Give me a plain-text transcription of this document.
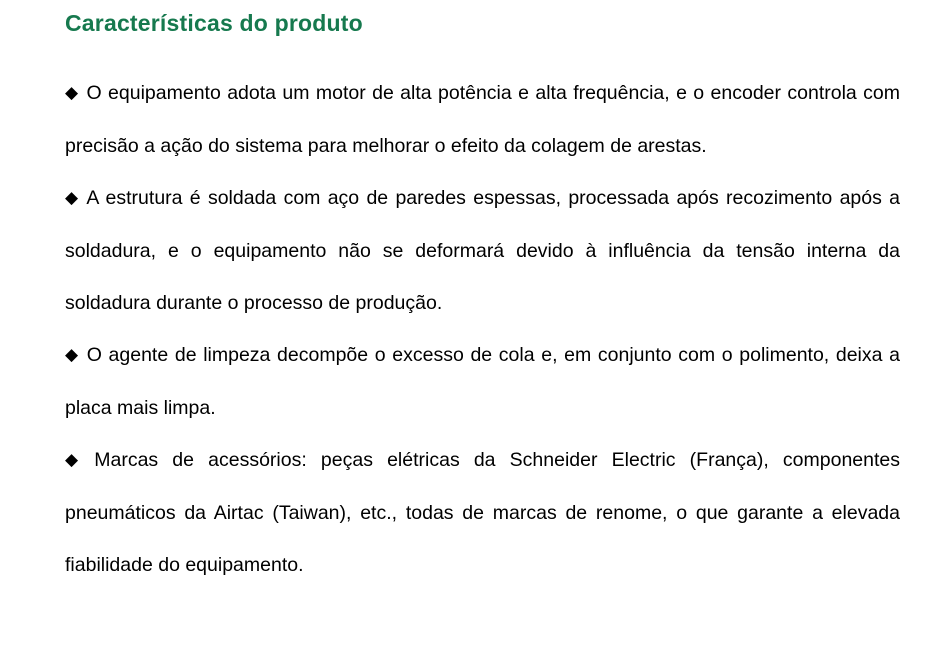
Características do produto

◆ O equipamento adota um motor de alta potência e alta frequência, e o encoder controla com precisão a ação do sistema para melhorar o efeito da colagem de arestas.

◆ A estrutura é soldada com aço de paredes espessas, processada após recozimento após a soldadura, e o equipamento não se deformará devido à influência da tensão interna da soldadura durante o processo de produção.

◆ O agente de limpeza decompõe o excesso de cola e, em conjunto com o polimento, deixa a placa mais limpa.

◆ Marcas de acessórios: peças elétricas da Schneider Electric (França), componentes pneumáticos da Airtac (Taiwan), etc., todas de marcas de renome, o que garante a elevada fiabilidade do equipamento.
